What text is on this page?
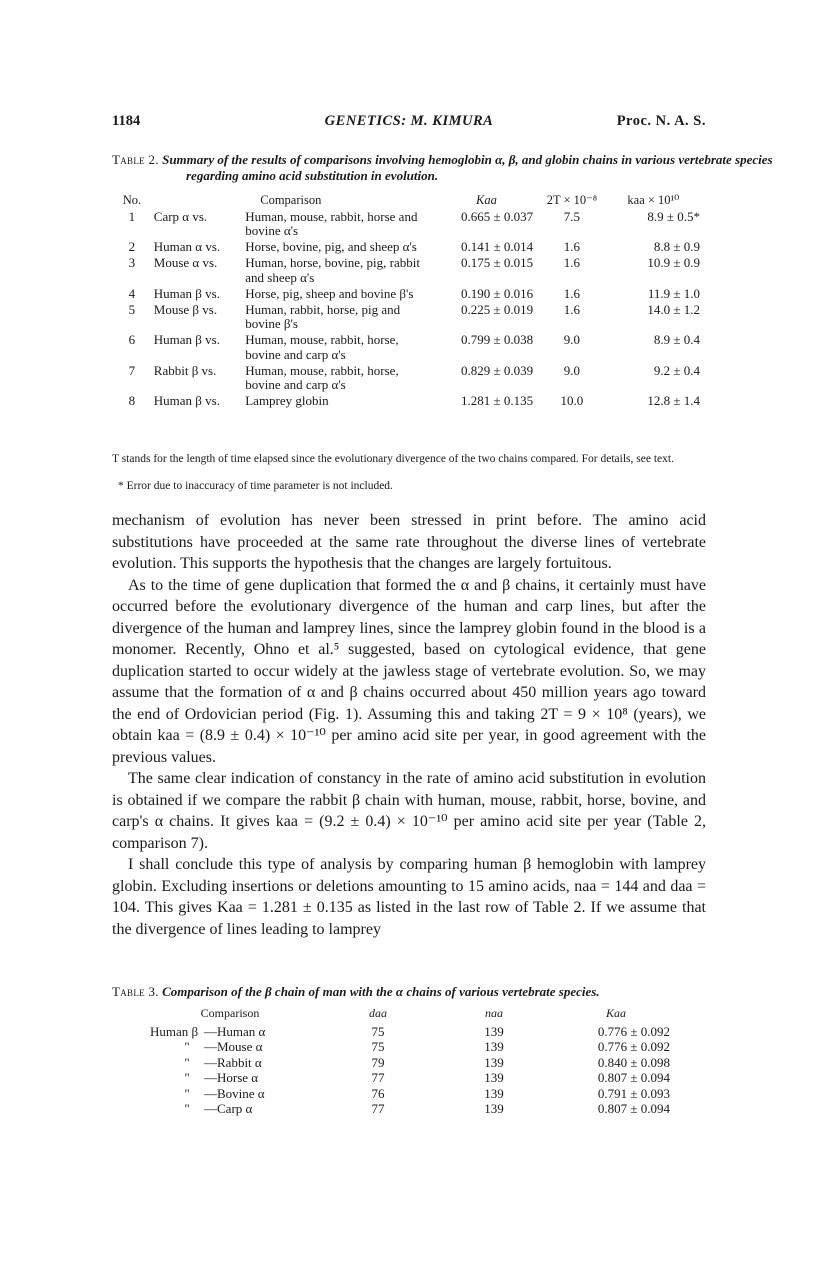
1184	GENETICS: M. KIMURA	Proc. N. A. S.
Table 2. Summary of the results of comparisons involving hemoglobin α, β, and globin chains in various vertebrate species regarding amino acid substitution in evolution.
No.	Comparison		Kaa	2T × 10⁻⁸	kaa × 10¹⁰
1	Carp α vs.	Human, mouse, rabbit, horse and bovine α's	0.665 ± 0.037	7.5	8.9 ± 0.5*
2	Human α vs.	Horse, bovine, pig, and sheep α's	0.141 ± 0.014	1.6	8.8 ± 0.9
3	Mouse α vs.	Human, horse, bovine, pig, rabbit and sheep α's	0.175 ± 0.015	1.6	10.9 ± 0.9
4	Human β vs.	Horse, pig, sheep and bovine β's	0.190 ± 0.016	1.6	11.9 ± 1.0
5	Mouse β vs.	Human, rabbit, horse, pig and bovine β's	0.225 ± 0.019	1.6	14.0 ± 1.2
6	Human β vs.	Human, mouse, rabbit, horse, bovine and carp α's	0.799 ± 0.038	9.0	8.9 ± 0.4
7	Rabbit β vs.	Human, mouse, rabbit, horse, bovine and carp α's	0.829 ± 0.039	9.0	9.2 ± 0.4
8	Human β vs.	Lamprey globin	1.281 ± 0.135	10.0	12.8 ± 1.4
T stands for the length of time elapsed since the evolutionary divergence of the two chains compared. For details, see text.
* Error due to inaccuracy of time parameter is not included.

mechanism of evolution has never been stressed in print before. The amino acid substitutions have proceeded at the same rate throughout the diverse lines of vertebrate evolution. This supports the hypothesis that the changes are largely fortuitous.

As to the time of gene duplication that formed the α and β chains, it certainly must have occurred before the evolutionary divergence of the human and carp lines, but after the divergence of the human and lamprey lines, since the lamprey globin found in the blood is a monomer. Recently, Ohno et al.⁵ suggested, based on cytological evidence, that gene duplication started to occur widely at the jawless stage of vertebrate evolution. So, we may assume that the formation of α and β chains occurred about 450 million years ago toward the end of Ordovician period (Fig. 1). Assuming this and taking 2T = 9 × 10⁸ (years), we obtain kaa = (8.9 ± 0.4) × 10⁻¹⁰ per amino acid site per year, in good agreement with the previous values.

The same clear indication of constancy in the rate of amino acid substitution in evolution is obtained if we compare the rabbit β chain with human, mouse, rabbit, horse, bovine, and carp's α chains. It gives kaa = (9.2 ± 0.4) × 10⁻¹⁰ per amino acid site per year (Table 2, comparison 7).

I shall conclude this type of analysis by comparing human β hemoglobin with lamprey globin. Excluding insertions or deletions amounting to 15 amino acids, naa = 144 and daa = 104. This gives Kaa = 1.281 ± 0.135 as listed in the last row of Table 2. If we assume that the divergence of lines leading to lamprey

Table 3. Comparison of the β chain of man with the α chains of various vertebrate species.
Comparison	daa	naa	Kaa
Human β —Human α	75	139	0.776 ± 0.092
" —Mouse α	75	139	0.776 ± 0.092
" —Rabbit α	79	139	0.840 ± 0.098
" —Horse α	77	139	0.807 ± 0.094
" —Bovine α	76	139	0.791 ± 0.093
" —Carp α	77	139	0.807 ± 0.094
